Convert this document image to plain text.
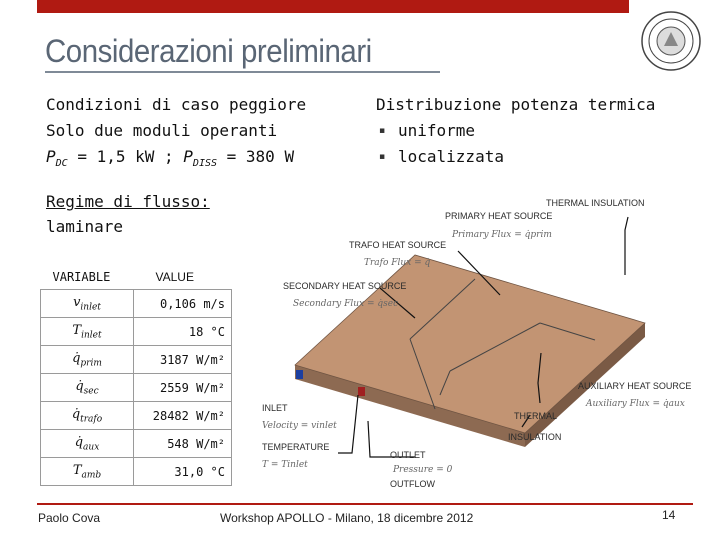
Considerazioni preliminari
Condizioni di caso peggiore
Solo due moduli operanti
$P_{DC} = 1,5$ kW ; $P_{DISS} = 380$ W
Regime di flusso:
laminare
Distribuzione potenza termica
▪ uniforme
▪ localizzata
VARIABLE	VALUE
$v_{inlet}$	0,106 m/s
$T_{inlet}$	18 °C
$q̇_{prim}$	3187 W/m²
$q̇_{sec}$	2559 W/m²
$q̇_{trafo}$	28482 W/m²
$q̇_{aux}$	548 W/m²
$T_{amb}$	31,0 °C
THERMAL INSULATION
PRIMARY HEAT SOURCE
Primary Flux = q̇prim
TRAFO HEAT SOURCE
Trafo Flux = q̇
SECONDARY HEAT SOURCE
Secondary Flux = q̇sec
AUXILIARY HEAT SOURCE
Auxiliary Flux = q̇aux
INLET
Velocity = vinlet
TEMPERATURE
T = Tinlet
THERMAL
INSULATION
OUTLET
Pressure = 0
OUTFLOW
Paolo Cova	Workshop APOLLO - Milano, 18 dicembre 2012	14
